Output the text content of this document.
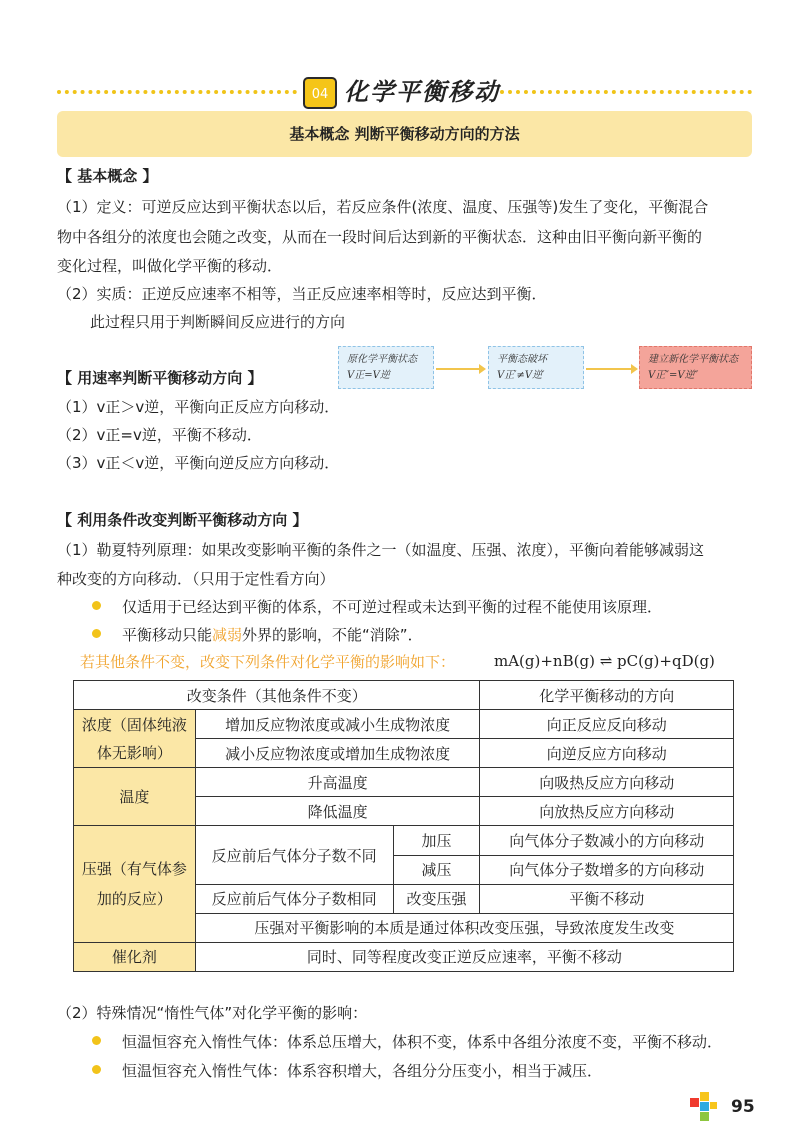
04 化学平衡移动
基本概念 判断平衡移动方向的方法
【 基本概念 】
（1）定义：可逆反应达到平衡状态以后，若反应条件(浓度、温度、压强等)发生了变化，平衡混合
物中各组分的浓度也会随之改变，从而在一段时间后达到新的平衡状态．这种由旧平衡向新平衡的
变化过程，叫做化学平衡的移动．
（2）实质：正逆反应速率不相等，当正反应速率相等时，反应达到平衡．
此过程只用于判断瞬间反应进行的方向
原化学平衡状态
V正=V逆
平衡态破坏
V正′≠V逆′
建立新化学平衡状态
V正″=V逆″
【 用速率判断平衡移动方向 】
（1）v正＞v逆，平衡向正反应方向移动．
（2）v正=v逆，平衡不移动．
（3）v正＜v逆，平衡向逆反应方向移动．
【 利用条件改变判断平衡移动方向 】
（1）勒夏特列原理：如果改变影响平衡的条件之一（如温度、压强、浓度），平衡向着能够减弱这
种改变的方向移动．（只用于定性看方向）
仅适用于已经达到平衡的体系，不可逆过程或未达到平衡的过程不能使用该原理．
平衡移动只能减弱外界的影响，不能“消除”．
若其他条件不变，改变下列条件对化学平衡的影响如下：	mA(g)+nB(g) ⇌ pC(g)+qD(g)
改变条件（其他条件不变）			化学平衡移动的方向
浓度（固体纯液体无影响）	增加反应物浓度或减小生成物浓度		向正反应反向移动
	减小反应物浓度或增加生成物浓度		向逆反应方向移动
温度	升高温度		向吸热反应方向移动
	降低温度		向放热反应方向移动
压强（有气体参加的反应）	反应前后气体分子数不同	加压	向气体分子数减小的方向移动
		减压	向气体分子数增多的方向移动
	反应前后气体分子数相同	改变压强	平衡不移动
	压强对平衡影响的本质是通过体积改变压强，导致浓度发生改变		
催化剂	同时、同等程度改变正逆反应速率，平衡不移动		
（2）特殊情况“惰性气体”对化学平衡的影响：
恒温恒容充入惰性气体：体系总压增大，体积不变，体系中各组分浓度不变，平衡不移动．
恒温恒容充入惰性气体：体系容积增大，各组分分压变小，相当于减压．
95
